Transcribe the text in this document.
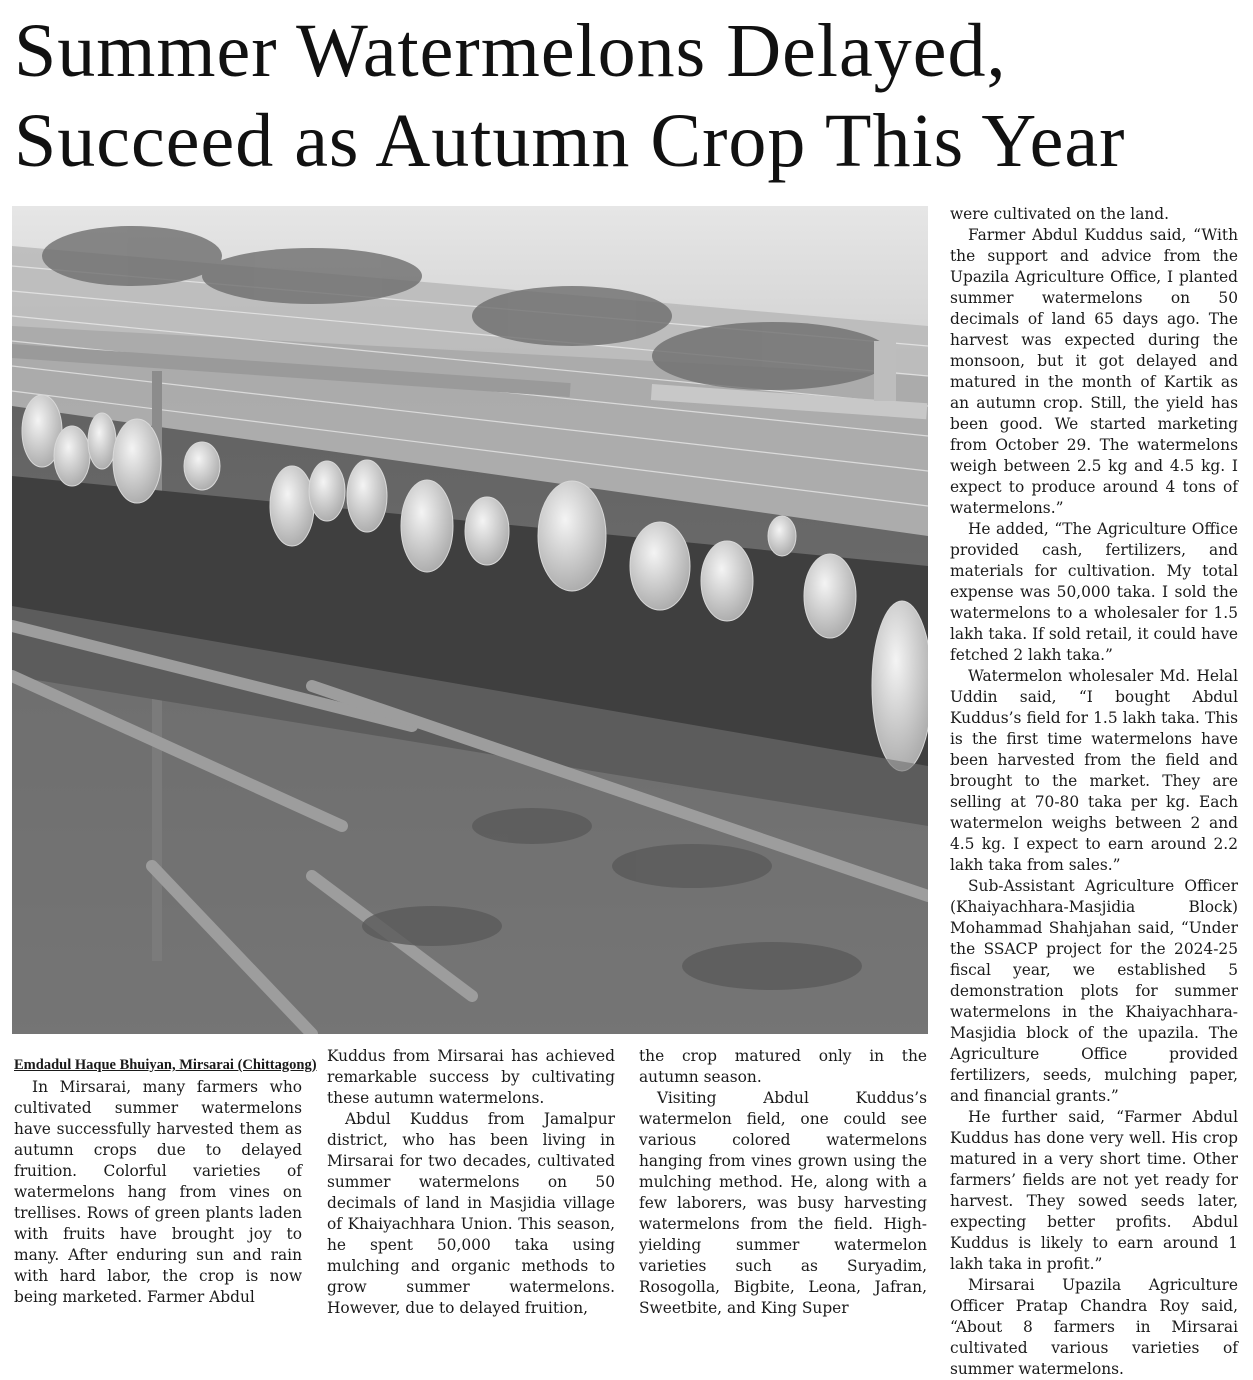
Summer Watermelons Delayed,
Succeed as Autumn Crop This Year
Emdadul Haque Bhuiyan, Mirsarai (Chittagong)

In Mirsarai, many farmers who cultivated summer watermelons have successfully harvested them as autumn crops due to delayed fruition. Colorful varieties of watermelons hang from vines on trellises. Rows of green plants laden with fruits have brought joy to many. After enduring sun and rain with hard labor, the crop is now being marketed. Farmer Abdul

Kuddus from Mirsarai has achieved remarkable success by cultivating these autumn watermelons.

Abdul Kuddus from Jamalpur district, who has been living in Mirsarai for two decades, cultivated summer watermelons on 50 decimals of land in Masjidia village of Khaiyachhara Union. This season, he spent 50,000 taka using mulching and organic methods to grow summer watermelons. However, due to delayed fruition,

the crop matured only in the autumn season.

Visiting Abdul Kuddus’s watermelon field, one could see various colored watermelons hanging from vines grown using the mulching method. He, along with a few laborers, was busy harvesting watermelons from the field. High-yielding summer watermelon varieties such as Suryadim, Rosogolla, Bigbite, Leona, Jafran, Sweetbite, and King Super

were cultivated on the land.

Farmer Abdul Kuddus said, “With the support and advice from the Upazila Agriculture Office, I planted summer watermelons on 50 decimals of land 65 days ago. The harvest was expected during the monsoon, but it got delayed and matured in the month of Kartik as an autumn crop. Still, the yield has been good. We started marketing from October 29. The watermelons weigh between 2.5 kg and 4.5 kg. I expect to produce around 4 tons of watermelons.”

He added, “The Agriculture Office provided cash, fertilizers, and materials for cultivation. My total expense was 50,000 taka. I sold the watermelons to a wholesaler for 1.5 lakh taka. If sold retail, it could have fetched 2 lakh taka.”

Watermelon wholesaler Md. Helal Uddin said, “I bought Abdul Kuddus’s field for 1.5 lakh taka. This is the first time watermelons have been harvested from the field and brought to the market. They are selling at 70-80 taka per kg. Each watermelon weighs between 2 and 4.5 kg. I expect to earn around 2.2 lakh taka from sales.”

Sub-Assistant Agriculture Officer (Khaiyachhara-Masjidia Block) Mohammad Shahjahan said, “Under the SSACP project for the 2024-25 fiscal year, we established 5 demonstration plots for summer watermelons in the Khaiyachhara-Masjidia block of the upazila. The Agriculture Office provided fertilizers, seeds, mulching paper, and financial grants.”

He further said, “Farmer Abdul Kuddus has done very well. His crop matured in a very short time. Other farmers’ fields are not yet ready for harvest. They sowed seeds later, expecting better profits. Abdul Kuddus is likely to earn around 1 lakh taka in profit.”

Mirsarai Upazila Agriculture Officer Pratap Chandra Roy said, “About 8 farmers in Mirsarai cultivated various varieties of summer watermelons.
